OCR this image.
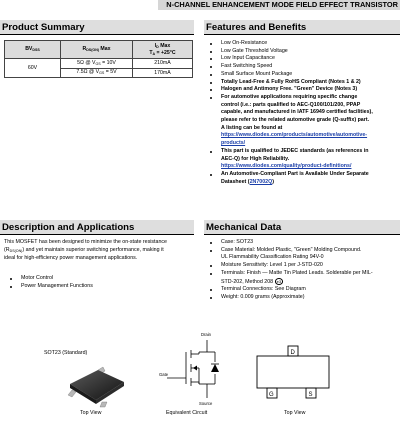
N-CHANNEL ENHANCEMENT MODE FIELD EFFECT TRANSISTOR
Product Summary
$BV_{DSS}$	$R_{DS(ON)}$ Max	$I_D$ Max
$T_A = +25^\circ C$
60V	5Ω @ $V_{GS} = 10V$	210mA
	7.5Ω @ $V_{GS} = 5V$	170mA
Features and Benefits
Low On-Resistance
Low Gate Threshold Voltage
Low Input Capacitance
Fast Switching Speed
Small Surface Mount Package
Totally Lead-Free & Fully RoHS Compliant (Notes 1 & 2)
Halogen and Antimony Free. "Green" Device (Notes 3)
For automotive applications requiring specific change
control (i.e.: parts qualified to AEC-Q100/101/200, PPAP
capable, and manufactured in IATF 16949 certified facilities),
please refer to the related automotive grade (Q-suffix) part.
A listing can be found at
https://www.diodes.com/products/automotive/automotive-
products/
This part is qualified to JEDEC standards (as references in
AEC-Q) for High Reliability.
https://www.diodes.com/quality/product-definitions/
An Automotive-Compliant Part is Available Under Separate
Datasheet (2N7002Q)
Description and Applications
This MOSFET has been designed to minimize the on-state resistance
$(R_{DS(ON)})$ and yet maintain superior switching performance, making it
ideal for high-efficiency power management applications.
Motor Control
Power Management Functions
Mechanical Data
Case: SOT23
Case Material: Molded Plastic, "Green" Molding Compound.
UL Flammability Classification Rating 94V-0
Moisture Sensitivity: Level 1 per J-STD-020
Terminals: Finish — Matte Tin Plated Leads. Solderable per MIL-
STD-202, Method 208 e3
Terminal Connections: See Diagram
Weight: 0.009 grams (Approximate)
SOT23 (Standard)
Top View
Drain
Gate
Source
Equivalent Circuit
D
G	S
Top View
